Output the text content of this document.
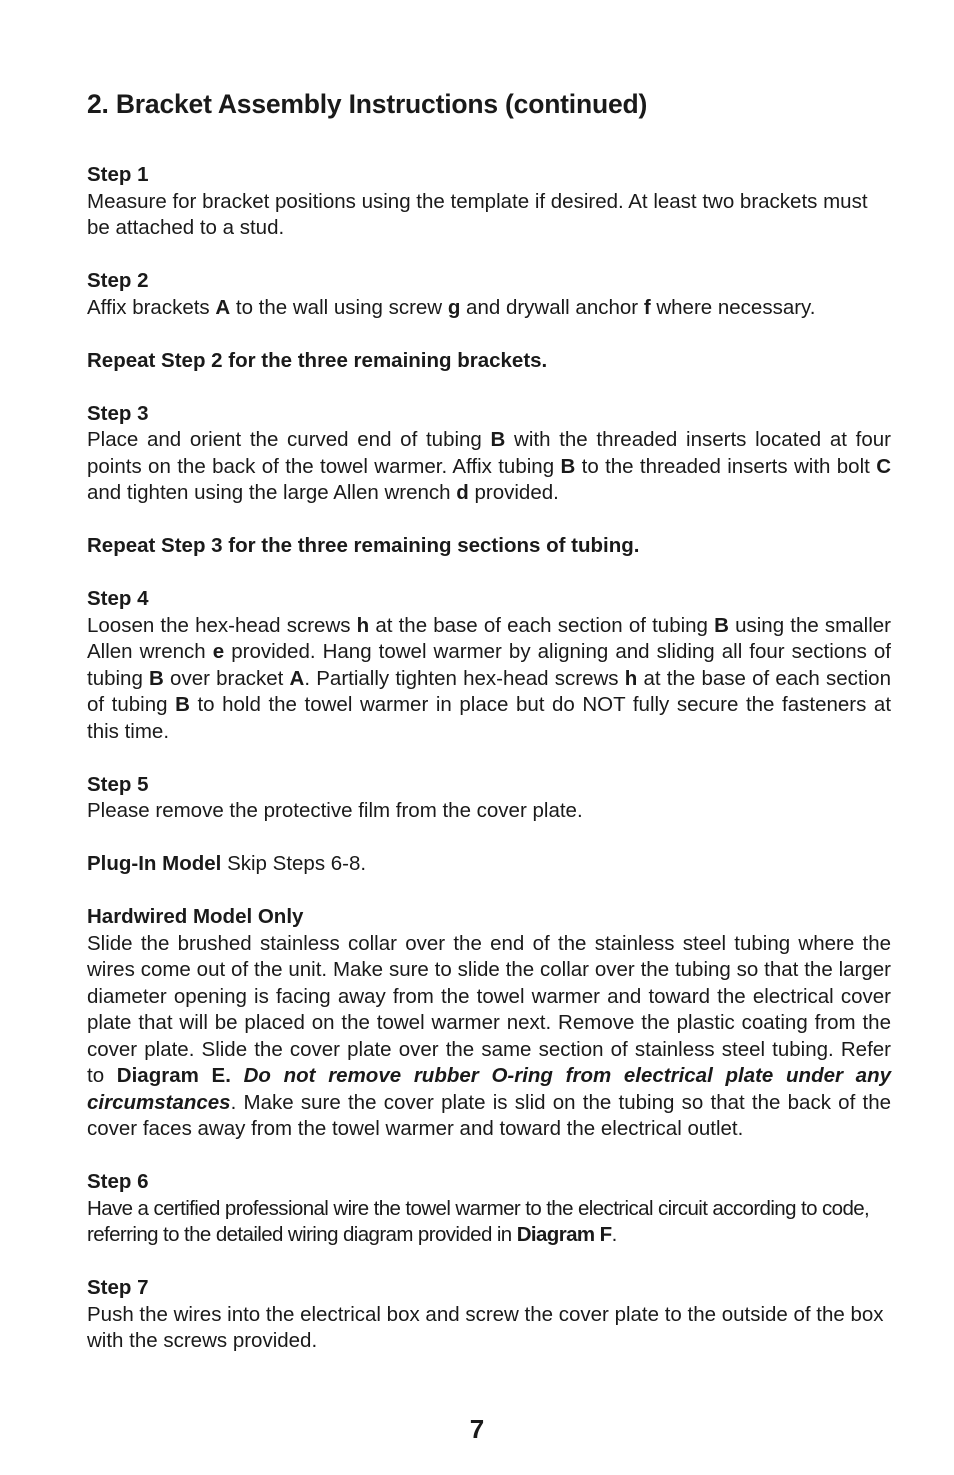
2. Bracket Assembly Instructions (continued)
Step 1

Measure for bracket positions using the template if desired. At least two brackets must be attached to a stud.

Step 2

Affix brackets A to the wall using screw g and drywall anchor f where necessary.

Repeat Step 2 for the three remaining brackets.
Step 3

Place and orient the curved end of tubing B with the threaded inserts located at four points on the back of the towel warmer. Affix tubing B to the threaded inserts with bolt C and tighten using the large Allen wrench d provided.

Repeat Step 3 for the three remaining sections of tubing.
Step 4

Loosen the hex-head screws h at the base of each section of tubing B using the smaller Allen wrench e provided. Hang towel warmer by aligning and sliding all four sections of tubing B over bracket A. Partially tighten hex-head screws h at the base of each section of tubing B to hold the towel warmer in place but do NOT fully secure the fasteners at this time.

Step 5

Please remove the protective film from the cover plate.

Plug-In Model Skip Steps 6-8.

Hardwired Model Only

Slide the brushed stainless collar over the end of the stainless steel tubing where the wires come out of the unit. Make sure to slide the collar over the tubing so that the larger diameter opening is facing away from the towel warmer and toward the electrical cover plate that will be placed on the towel warmer next. Remove the plastic coating from the cover plate. Slide the cover plate over the same section of stainless steel tubing. Refer to Diagram E. Do not remove rubber O-ring from electrical plate under any circumstances. Make sure the cover plate is slid on the tubing so that the back of the cover faces away from the towel warmer and toward the electrical outlet.

Step 6

Have a certified professional wire the towel warmer to the electrical circuit according to code, referring to the detailed wiring diagram provided in Diagram F.

Step 7

Push the wires into the electrical box and screw the cover plate to the outside of the box with the screws provided.

7
